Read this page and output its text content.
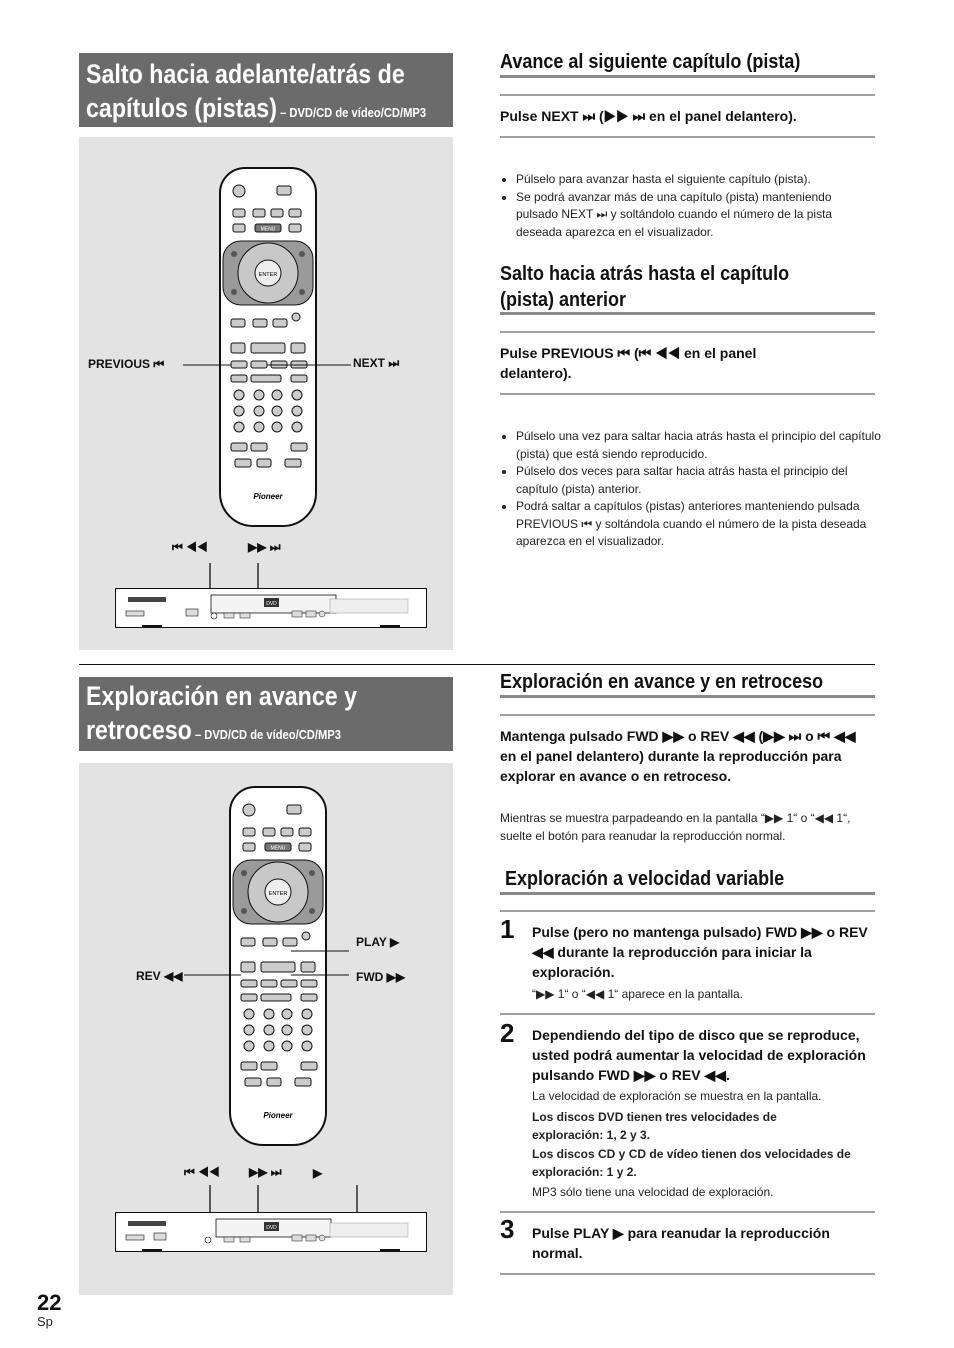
Salto hacia adelante/atrás de
capítulos (pistas) – DVD/CD de vídeo/CD/MP3
MENU
ENTER
Pioneer
PREVIOUS ⏮	NEXT ⏭
⏮ ◀◀	▶▶ ⏭
DVD
Avance al siguiente capítulo (pista)
Pulse NEXT ⏭ (▶▶ ⏭ en el panel delantero).
• Púlselo para avanzar hasta el siguiente capítulo (pista).
• Se podrá avanzar más de una capítulo (pista) manteniendo pulsado NEXT ⏭ y soltándolo cuando el número de la pista deseada aparezca en el visualizador.
Salto hacia atrás hasta el capítulo
(pista) anterior
Pulse PREVIOUS ⏮ (⏮ ◀◀ en el panel delantero).
• Púlselo una vez para saltar hacia atrás hasta el principio del capítulo (pista) que está siendo reproducido.
• Púlselo dos veces para saltar hacia atrás hasta el principio del capítulo (pista) anterior.
• Podrá saltar a capítulos (pistas) anteriores manteniendo pulsada PREVIOUS ⏮ y soltándola cuando el número de la pista deseada aparezca en el visualizador.
Exploración en avance y
retroceso – DVD/CD de vídeo/CD/MP3
MENU
ENTER
Pioneer
PLAY ▶
REV ◀◀	FWD ▶▶
⏮ ◀◀ ▶▶ ⏭	▶
DVD
Exploración en avance y en retroceso
Mantenga pulsado FWD ▶▶ o REV ◀◀ (▶▶ ⏭ o ⏮ ◀◀ en el panel delantero) durante la reproducción para explorar en avance o en retroceso.
Mientras se muestra parpadeando en la pantalla “▶▶ 1“ o “◀◀ 1“, suelte el botón para reanudar la reproducción normal.
Exploración a velocidad variable
1 Pulse (pero no mantenga pulsado) FWD ▶▶ o REV ◀◀ durante la reproducción para iniciar la exploración.
“▶▶ 1“ o “◀◀ 1“ aparece en la pantalla.
2 Dependiendo del tipo de disco que se reproduce, usted podrá aumentar la velocidad de exploración pulsando FWD ▶▶ o REV ◀◀.
La velocidad de exploración se muestra en la pantalla.
Los discos DVD tienen tres velocidades de exploración: 1, 2 y 3.
Los discos CD y CD de vídeo tienen dos velocidades de exploración: 1 y 2.
MP3 sólo tiene una velocidad de exploración.
3 Pulse PLAY ▶ para reanudar la reproducción normal.
22
Sp
